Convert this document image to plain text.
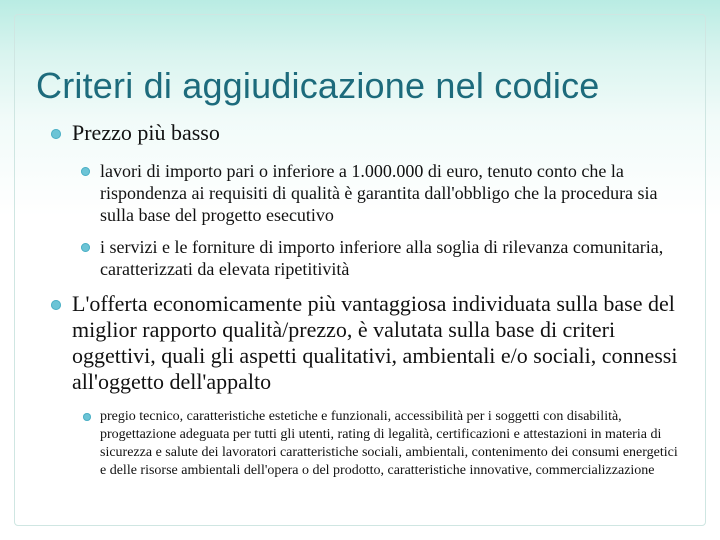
Criteri di aggiudicazione nel codice
Prezzo più basso
lavori di importo pari o inferiore a 1.000.000 di euro, tenuto conto che la rispondenza ai requisiti di qualità è garantita dall'obbligo che la procedura sia sulla base del progetto esecutivo
i servizi e le forniture di importo inferiore alla soglia di rilevanza comunitaria, caratterizzati da elevata ripetitività
L'offerta economicamente più vantaggiosa individuata sulla base del miglior rapporto qualità/prezzo, è valutata sulla base di criteri oggettivi, quali gli aspetti qualitativi, ambientali e/o sociali, connessi all'oggetto dell'appalto
pregio tecnico, caratteristiche estetiche e funzionali, accessibilità per i soggetti con disabilità, progettazione adeguata per tutti gli utenti, rating di legalità, certificazioni e attestazioni in materia di sicurezza e salute dei lavoratori caratteristiche sociali, ambientali, contenimento dei consumi energetici e delle risorse ambientali dell'opera o del prodotto, caratteristiche innovative, commercializzazione
